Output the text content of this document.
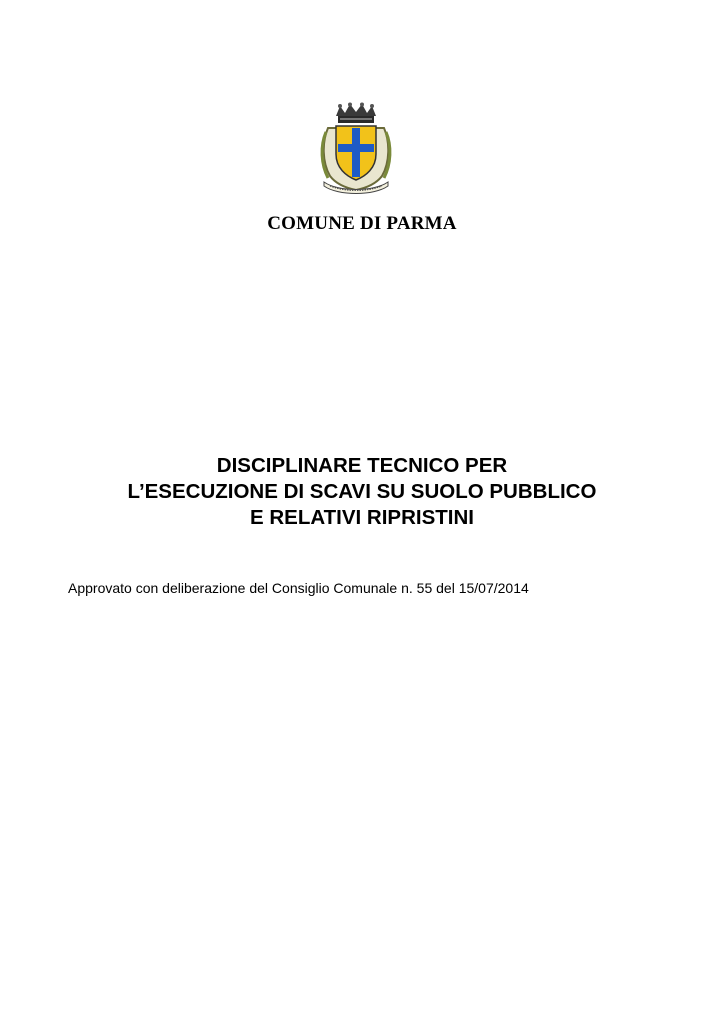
COMUNE DI PARMA
DISCIPLINARE TECNICO PER
L’ESECUZIONE DI SCAVI SU SUOLO PUBBLICO
E RELATIVI RIPRISTINI
Approvato con deliberazione del Consiglio Comunale n. 55 del 15/07/2014
